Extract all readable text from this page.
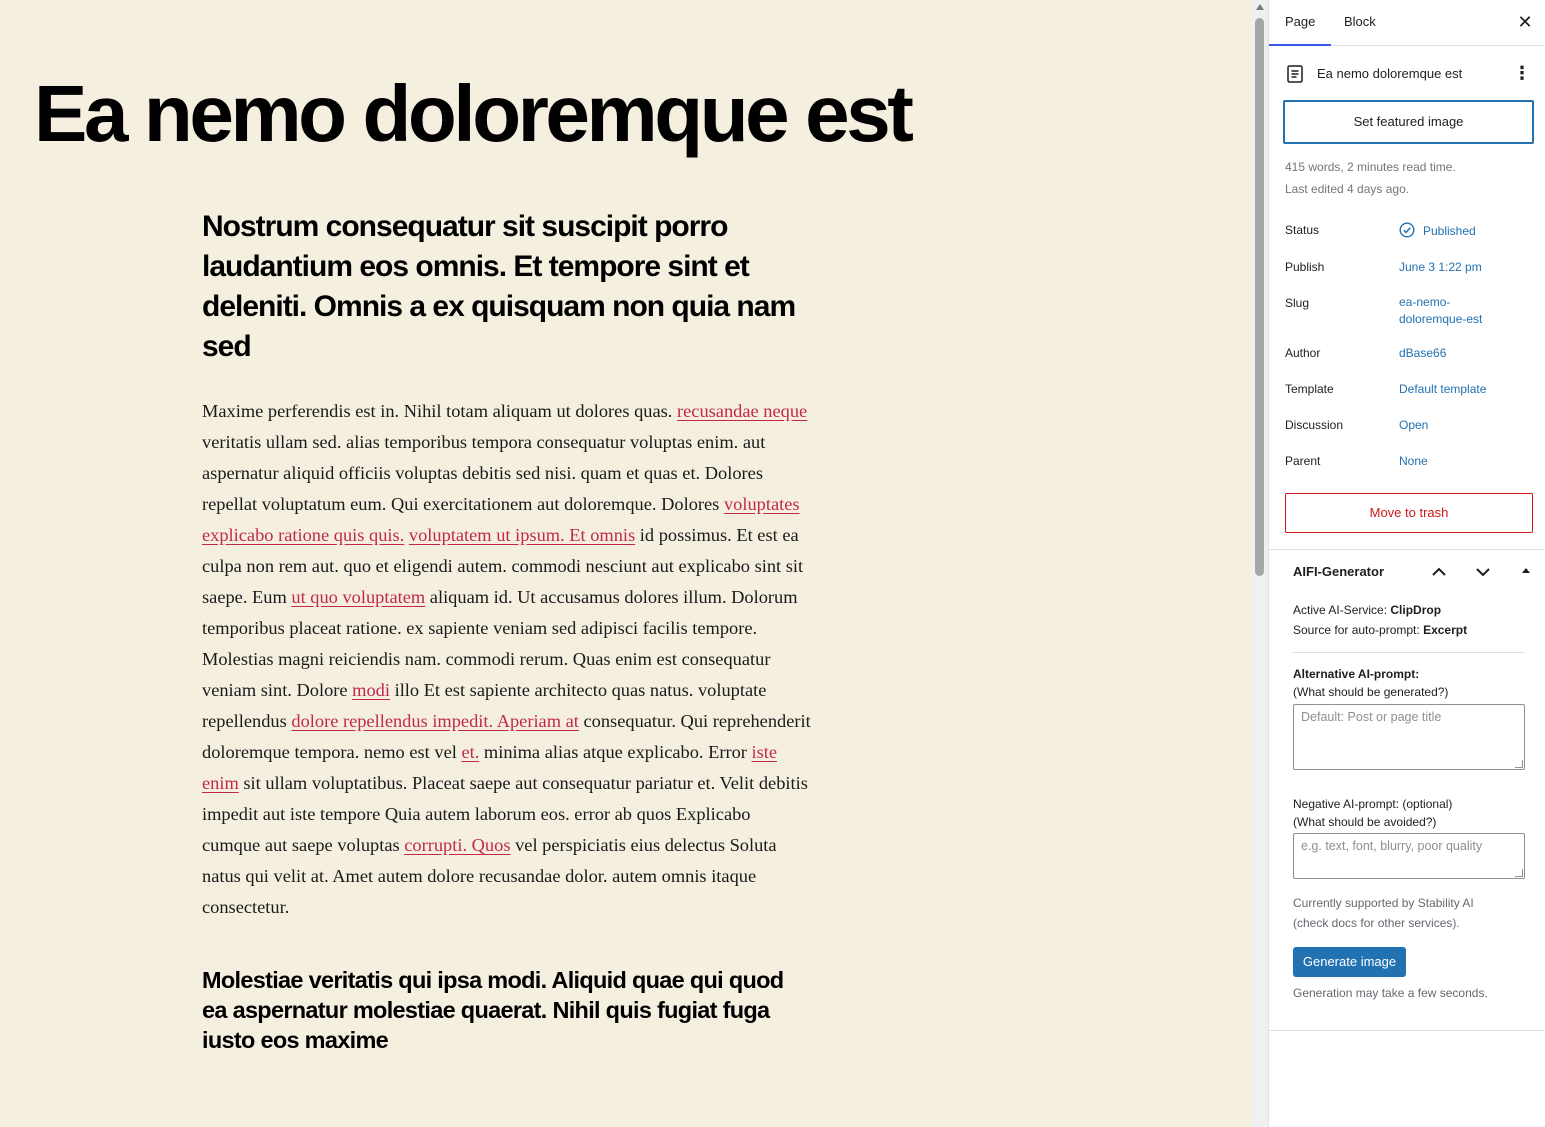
Ea nemo doloremque est
Nostrum consequatur sit suscipit porro laudantium eos omnis. Et tempore sint et deleniti. Omnis a ex quisquam non quia nam sed

Maxime perferendis est in. Nihil totam aliquam ut dolores quas. recusandae neque veritatis ullam sed. alias temporibus tempora consequatur voluptas enim. aut aspernatur aliquid officiis voluptas debitis sed nisi. quam et quas et. Dolores repellat voluptatum eum. Qui exercitationem aut doloremque. Dolores voluptates explicabo ratione quis quis. voluptatem ut ipsum. Et omnis id possimus. Et est ea culpa non rem aut. quo et eligendi autem. commodi nesciunt aut explicabo sint sit saepe. Eum ut quo voluptatem aliquam id. Ut accusamus dolores illum. Dolorum temporibus placeat ratione. ex sapiente veniam sed adipisci facilis tempore. Molestias magni reiciendis nam. commodi rerum. Quas enim est consequatur veniam sint. Dolore modi illo Et est sapiente architecto quas natus. voluptate repellendus dolore repellendus impedit. Aperiam at consequatur. Qui reprehenderit doloremque tempora. nemo est vel et. minima alias atque explicabo. Error iste enim sit ullam voluptatibus. Placeat saepe aut consequatur pariatur et. Velit debitis impedit aut iste tempore Quia autem laborum eos. error ab quos Explicabo cumque aut saepe voluptas corrupti. Quos vel perspiciatis eius delectus Soluta natus qui velit at. Amet autem dolore recusandae dolor. autem omnis itaque consectetur.

Molestiae veritatis qui ipsa modi. Aliquid quae qui quod ea aspernatur molestiae quaerat. Nihil quis fugiat fuga iusto eos maxime
Page	Block	✕
Ea nemo doloremque est	⋮
Set featured image
415 words, 2 minutes read time.
Last edited 4 days ago.
Status	Published
Publish	June 3 1:22 pm
Slug	ea-nemo-
doloremque-est
Author	dBase66
Template	Default template
Discussion	Open
Parent	None
Move to trash
AIFI-Generator
Active AI-Service: ClipDrop
Source for auto-prompt: Excerpt
Alternative AI-prompt:
(What should be generated?)
Default: Post or page title
Negative AI-prompt: (optional)
(What should be avoided?)
e.g. text, font, blurry, poor quality
Currently supported by Stability AI
(check docs for other services).
Generate image
Generation may take a few seconds.
